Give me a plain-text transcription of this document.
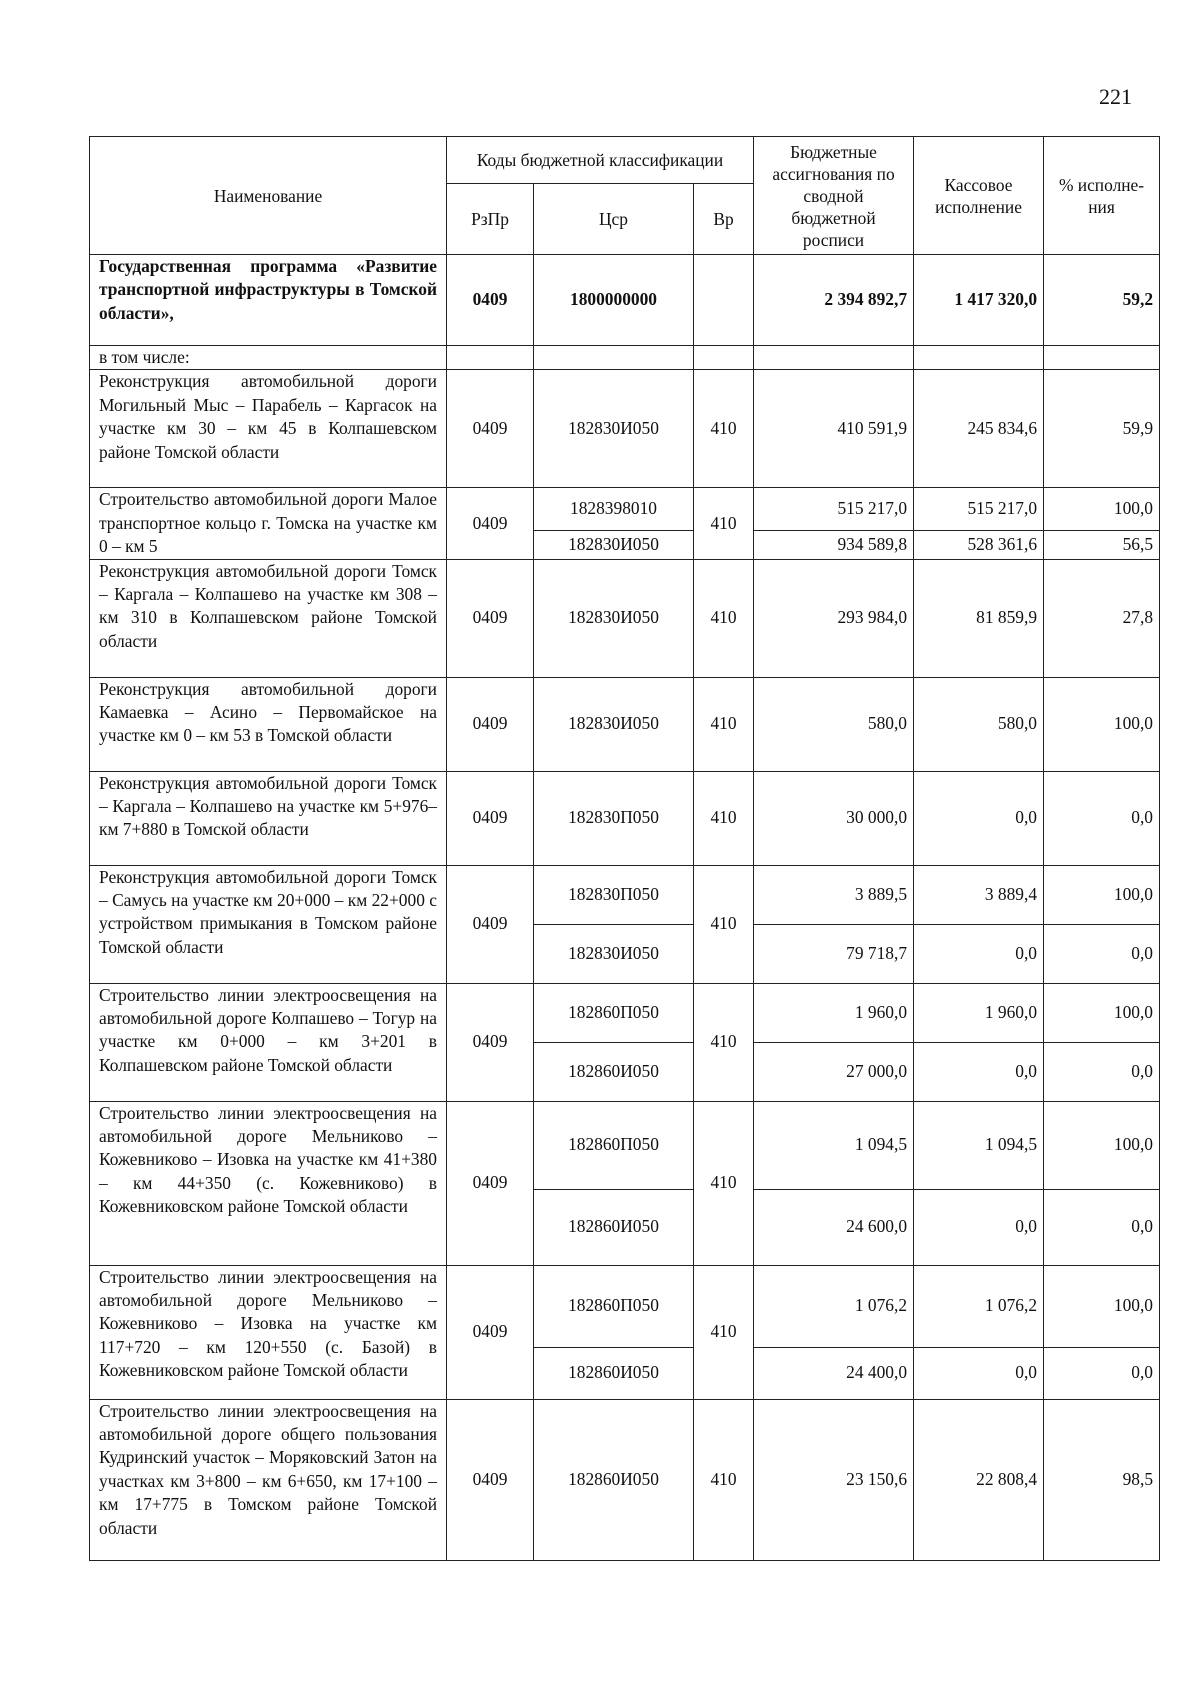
221
Наименование	Коды бюджетной классификации			Бюджетные ассигнования по сводной бюджетной росписи	Кассовое исполнение	% исполне-ния
	РзПр	Цср	Вр			
Государственная программа «Развитие транспортной инфраструктуры в Томской области»,	0409	1800000000		2 394 892,7	1 417 320,0	59,2
в том числе:						
Реконструкция автомобильной дороги Могильный Мыс – Парабель – Каргасок на участке км 30 – км 45 в Колпашевском районе Томской области	0409	182830И050	410	410 591,9	245 834,6	59,9
Строительство автомобильной дороги Малое транспортное кольцо г. Томска на участке км 0 – км 5	0409	1828398010	410	515 217,0	515 217,0	100,0
		182830И050		934 589,8	528 361,6	56,5
Реконструкция автомобильной дороги Томск – Каргала – Колпашево на участке км 308 – км 310 в Колпашевском районе Томской области	0409	182830И050	410	293 984,0	81 859,9	27,8
Реконструкция автомобильной дороги Камаевка – Асино – Первомайское на участке км 0 – км 53 в Томской области	0409	182830И050	410	580,0	580,0	100,0
Реконструкция автомобильной дороги Томск – Каргала – Колпашево на участке км 5+976–км 7+880 в Томской области	0409	182830П050	410	30 000,0	0,0	0,0
Реконструкция автомобильной дороги Томск – Самусь на участке км 20+000 – км 22+000 с устройством примыкания в Томском районе Томской области	0409	182830П050	410	3 889,5	3 889,4	100,0
		182830И050		79 718,7	0,0	0,0
Строительство линии электроосвещения на автомобильной дороге Колпашево – Тогур на участке км 0+000 – км 3+201 в Колпашевском районе Томской области	0409	182860П050	410	1 960,0	1 960,0	100,0
		182860И050		27 000,0	0,0	0,0
Строительство линии электроосвещения на автомобильной дороге Мельниково – Кожевниково – Изовка на участке км 41+380 – км 44+350 (с. Кожевниково) в Кожевниковском районе Томской области	0409	182860П050	410	1 094,5	1 094,5	100,0
		182860И050		24 600,0	0,0	0,0
Строительство линии электроосвещения на автомобильной дороге Мельниково – Кожевниково – Изовка на участке км 117+720 – км 120+550 (с. Базой) в Кожевниковском районе Томской области	0409	182860П050	410	1 076,2	1 076,2	100,0
		182860И050		24 400,0	0,0	0,0
Строительство линии электроосвещения на автомобильной дороге общего пользования Кудринский участок – Моряковский Затон на участках км 3+800 – км 6+650, км 17+100 – км 17+775 в Томском районе Томской области	0409	182860И050	410	23 150,6	22 808,4	98,5
